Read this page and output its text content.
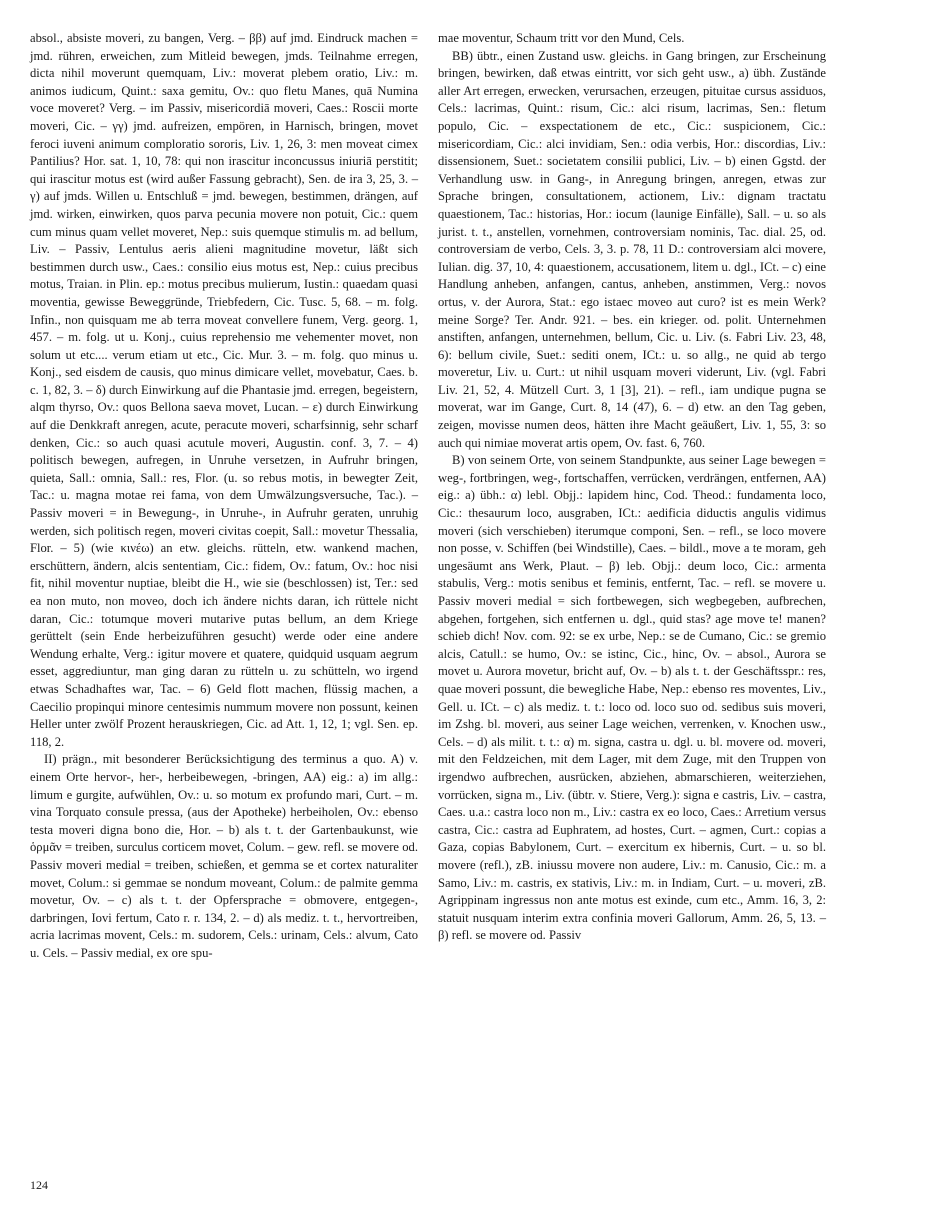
absol., absiste moveri, zu bangen, Verg. – ββ) auf jmd. Eindruck machen = jmd. rühren, erweichen, zum Mitleid bewegen, jmds. Teilnahme erregen, dicta nihil moverunt quemquam, Liv.: moverat plebem oratio, Liv.: m. animos iudicum, Quint.: saxa gemitu, Ov.: quo fletu Manes, quā Numina voce moveret? Verg. – im Passiv, misericordiā moveri, Caes.: Roscii morte moveri, Cic. – γγ) jmd. aufreizen, empören, in Harnisch, bringen, movet feroci iuveni animum comploratio sororis, Liv. 1, 26, 3: men moveat cimex Pantilius? Hor. sat. 1, 10, 78: qui non irascitur inconcussus iniuriā perstitit; qui irascitur motus est (wird außer Fassung gebracht), Sen. de ira 3, 25, 3. – γ) auf jmds. Willen u. Entschluß = jmd. bewegen, bestimmen, drängen, auf jmd. wirken, einwirken, quos parva pecunia movere non potuit, Cic.: quem cum minus quam vellet moveret, Nep.: suis quemque stimulis m. ad bellum, Liv. – Passiv, Lentulus aeris alieni magnitudine movetur, läßt sich bestimmen durch usw., Caes.: consilio eius motus est, Nep.: cuius precibus motus, Traian. in Plin. ep.: motus precibus mulierum, Iustin.: quaedam quasi moventia, gewisse Beweggründe, Triebfedern, Cic. Tusc. 5, 68. – m. folg. Infin., non quisquam me ab terra moveat convellere funem, Verg. georg. 1, 457. – m. folg. ut u. Konj., cuius reprehensio me vehementer movet, non solum ut etc.... verum etiam ut etc., Cic. Mur. 3. – m. folg. quo minus u. Konj., sed eisdem de causis, quo minus dimicare vellet, movebatur, Caes. b. c. 1, 82, 3. – δ) durch Einwirkung auf die Phantasie jmd. erregen, begeistern, alqm thyrso, Ov.: quos Bellona saeva movet, Lucan. – ε) durch Einwirkung auf die Denkkraft anregen, acute, peracute moveri, scharfsinnig, sehr scharf denken, Cic.: so auch quasi acutule moveri, Augustin. conf. 3, 7. – 4) politisch bewegen, aufregen, in Unruhe versetzen, in Aufruhr bringen, quieta, Sall.: omnia, Sall.: res, Flor. (u. so rebus motis, in bewegter Zeit, Tac.: u. magna motae rei fama, von dem Umwälzungsversuche, Tac.). – Passiv moveri = in Bewegung-, in Unruhe-, in Aufruhr geraten, unruhig werden, sich politisch regen, moveri civitas coepit, Sall.: movetur Thessalia, Flor. – 5) (wie κινέω) an etw. gleichs. rütteln, etw. wankend machen, erschüttern, ändern, alcis sententiam, Cic.: fidem, Ov.: fatum, Ov.: hoc nisi fit, nihil moventur nuptiae, bleibt die H., wie sie (beschlossen) ist, Ter.: sed ea non muto, non moveo, doch ich ändere nichts daran, ich rüttele nicht daran, Cic.: totumque moveri mutarive putas bellum, an dem Kriege gerüttelt (sein Ende herbeizuführen gesucht) werde oder eine andere Wendung erhalte, Verg.: igitur movere et quatere, quidquid usquam aegrum esset, aggrediuntur, man ging daran zu rütteln u. zu schütteln, wo irgend etwas Schadhaftes war, Tac. – 6) Geld flott machen, flüssig machen, a Caecilio propinqui minore centesimis nummum movere non possunt, keinen Heller unter zwölf Prozent herauskriegen, Cic. ad Att. 1, 12, 1; vgl. Sen. ep. 118, 2.

II) prägn., mit besonderer Berücksichtigung des terminus a quo. A) v. einem Orte hervor-, her-, herbeibewegen, -bringen, AA) eig.: a) im allg.: limum e gurgite, aufwühlen, Ov.: u. so motum ex profundo mari, Curt. – m. vina Torquato consule pressa, (aus der Apotheke) herbeiholen, Ov.: ebenso testa moveri digna bono die, Hor. – b) als t. t. der Gartenbaukunst, wie ὁρμᾶν = treiben, surculus corticem movet, Colum. – gew. refl. se movere od. Passiv moveri medial = treiben, schießen, et gemma se et cortex naturaliter movet, Colum.: si gemmae se nondum moveant, Colum.: de palmite gemma movetur, Ov. – c) als t. t. der Opfersprache = obmovere, entgegen-, darbringen, Iovi fertum, Cato r. r. 134, 2. – d) als mediz. t. t., hervortreiben, acria lacrimas movent, Cels.: m. sudorem, Cels.: urinam, Cels.: alvum, Cato u. Cels. – Passiv medial, ex ore spu-

mae moventur, Schaum tritt vor den Mund, Cels.

BB) übtr., einen Zustand usw. gleichs. in Gang bringen, zur Erscheinung bringen, bewirken, daß etwas eintritt, vor sich geht usw., a) übh. Zustände aller Art erregen, erwecken, verursachen, erzeugen, pituitae cursus assiduos, Cels.: lacrimas, Quint.: risum, Cic.: alci risum, lacrimas, Sen.: fletum populo, Cic. – exspectationem de etc., Cic.: suspicionem, Cic.: misericordiam, Cic.: alci invidiam, Sen.: odia verbis, Hor.: discordias, Liv.: dissensionem, Suet.: societatem consilii publici, Liv. – b) einen Ggstd. der Verhandlung usw. in Gang-, in Anregung bringen, anregen, etwas zur Sprache bringen, consultationem, actionem, Liv.: dignam tractatu quaestionem, Tac.: historias, Hor.: iocum (launige Einfälle), Sall. – u. so als jurist. t. t., anstellen, vornehmen, controversiam nominis, Tac. dial. 25, od. controversiam de verbo, Cels. 3, 3. p. 78, 11 D.: controversiam alci movere, Iulian. dig. 37, 10, 4: quaestionem, accusationem, litem u. dgl., ICt. – c) eine Handlung anheben, anfangen, cantus, anheben, anstimmen, Verg.: novos ortus, v. der Aurora, Stat.: ego istaec moveo aut curo? ist es mein Werk? meine Sorge? Ter. Andr. 921. – bes. ein krieger. od. polit. Unternehmen anstiften, anfangen, unternehmen, bellum, Cic. u. Liv. (s. Fabri Liv. 23, 48, 6): bellum civile, Suet.: sediti onem, ICt.: u. so allg., ne quid ab tergo moveretur, Liv. u. Curt.: ut nihil usquam moveri viderunt, Liv. (vgl. Fabri Liv. 21, 52, 4. Mützell Curt. 3, 1 [3], 21). – refl., iam undique pugna se moverat, war im Gange, Curt. 8, 14 (47), 6. – d) etw. an den Tag geben, zeigen, movisse numen deos, hätten ihre Macht geäußert, Liv. 1, 55, 3: so auch qui nimiae moverat artis opem, Ov. fast. 6, 760.

B) von seinem Orte, von seinem Standpunkte, aus seiner Lage bewegen = weg-, fortbringen, weg-, fortschaffen, verrücken, verdrängen, entfernen, AA) eig.: a) übh.: α) lebl. Objj.: lapidem hinc, Cod. Theod.: fundamenta loco, Cic.: thesaurum loco, ausgraben, ICt.: aedificia diductis angulis vidimus moveri (sich verschieben) iterumque componi, Sen. – refl., se loco movere non posse, v. Schiffen (bei Windstille), Caes. – bildl., move a te moram, geh ungesäumt ans Werk, Plaut. – β) leb. Objj.: deum loco, Cic.: armenta stabulis, Verg.: motis senibus et feminis, entfernt, Tac. – refl. se movere u. Passiv moveri medial = sich fortbewegen, sich wegbegeben, aufbrechen, abgehen, fortgehen, sich entfernen u. dgl., quid stas? age move te! manen? schieb dich! Nov. com. 92: se ex urbe, Nep.: se de Cumano, Cic.: se gremio alcis, Catull.: se humo, Ov.: se istinc, Cic., hinc, Ov. – absol., Aurora se movet u. Aurora movetur, bricht auf, Ov. – b) als t. t. der Geschäftsspr.: res, quae moveri possunt, die bewegliche Habe, Nep.: ebenso res moventes, Liv., Gell. u. ICt. – c) als mediz. t. t.: loco od. loco suo od. sedibus suis moveri, im Zshg. bl. moveri, aus seiner Lage weichen, verrenken, v. Knochen usw., Cels. – d) als milit. t. t.: α) m. signa, castra u. dgl. u. bl. movere od. moveri, mit den Feldzeichen, mit dem Lager, mit dem Zuge, mit den Truppen von irgendwo aufbrechen, ausrücken, abziehen, abmarschieren, weiterziehen, vorrücken, signa m., Liv. (übtr. v. Stiere, Verg.): signa e castris, Liv. – castra, Caes. u.a.: castra loco non m., Liv.: castra ex eo loco, Caes.: Arretium versus castra, Cic.: castra ad Euphratem, ad hostes, Curt. – agmen, Curt.: copias a Gaza, copias Babylonem, Curt. – exercitum ex hibernis, Curt. – u. so bl. movere (refl.), zB. iniussu movere non audere, Liv.: m. Canusio, Cic.: m. a Samo, Liv.: m. castris, ex stativis, Liv.: m. in Indiam, Curt. – u. moveri, zB. Agrippinam ingressus non ante motus est exinde, cum etc., Amm. 16, 3, 2: statuit nusquam interim extra confinia moveri Gallorum, Amm. 26, 5, 13. – β) refl. se movere od. Passiv

124
